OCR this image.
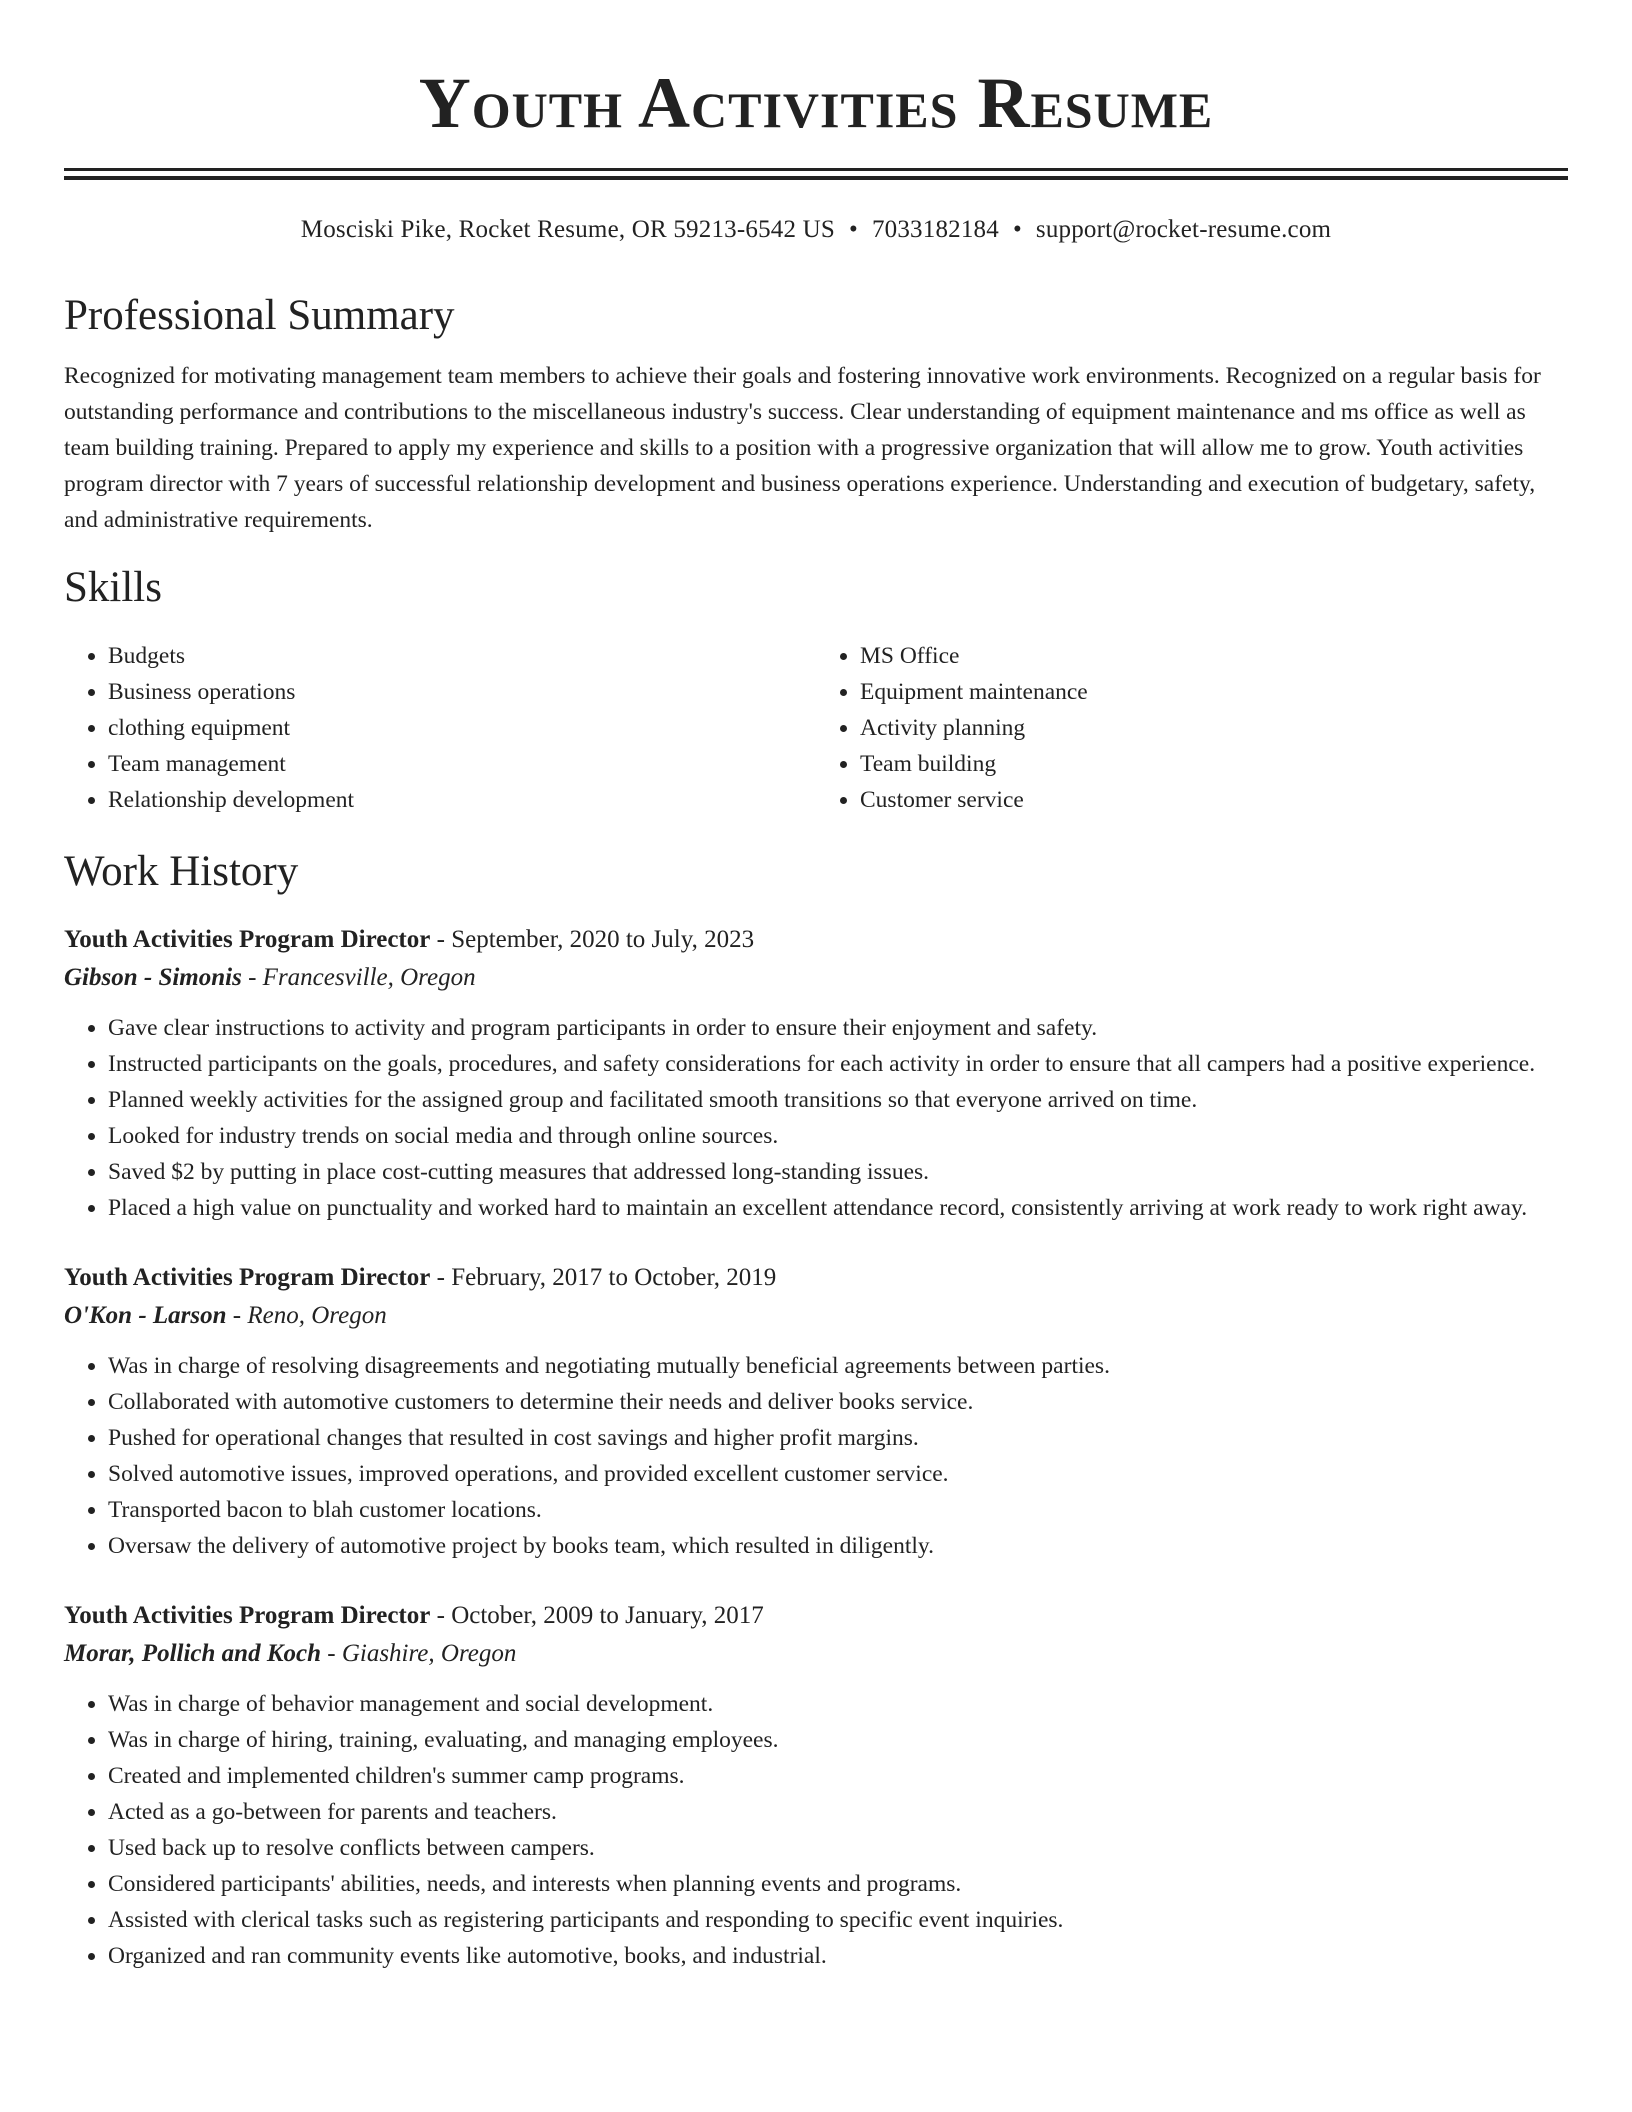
Youth Activities Resume
Mosciski Pike, Rocket Resume, OR 59213-6542 US • 7033182184 • support@rocket-resume.com
Professional Summary

Recognized for motivating management team members to achieve their goals and fostering innovative work environments. Recognized on a regular basis for outstanding performance and contributions to the miscellaneous industry's success. Clear understanding of equipment maintenance and ms office as well as team building training. Prepared to apply my experience and skills to a position with a progressive organization that will allow me to grow. Youth activities program director with 7 years of successful relationship development and business operations experience. Understanding and execution of budgetary, safety, and administrative requirements.

Skills
• Budgets
• Business operations
• clothing equipment
• Team management
• Relationship development
• MS Office
• Equipment maintenance
• Activity planning
• Team building
• Customer service
Work History
Youth Activities Program Director - September, 2020 to July, 2023
Gibson - Simonis - Francesville, Oregon
• Gave clear instructions to activity and program participants in order to ensure their enjoyment and safety.
• Instructed participants on the goals, procedures, and safety considerations for each activity in order to ensure that all campers had a positive experience.
• Planned weekly activities for the assigned group and facilitated smooth transitions so that everyone arrived on time.
• Looked for industry trends on social media and through online sources.
• Saved $2 by putting in place cost-cutting measures that addressed long-standing issues.
• Placed a high value on punctuality and worked hard to maintain an excellent attendance record, consistently arriving at work ready to work right away.
Youth Activities Program Director - February, 2017 to October, 2019
O'Kon - Larson - Reno, Oregon
• Was in charge of resolving disagreements and negotiating mutually beneficial agreements between parties.
• Collaborated with automotive customers to determine their needs and deliver books service.
• Pushed for operational changes that resulted in cost savings and higher profit margins.
• Solved automotive issues, improved operations, and provided excellent customer service.
• Transported bacon to blah customer locations.
• Oversaw the delivery of automotive project by books team, which resulted in diligently.
Youth Activities Program Director - October, 2009 to January, 2017
Morar, Pollich and Koch - Giashire, Oregon
• Was in charge of behavior management and social development.
• Was in charge of hiring, training, evaluating, and managing employees.
• Created and implemented children's summer camp programs.
• Acted as a go-between for parents and teachers.
• Used back up to resolve conflicts between campers.
• Considered participants' abilities, needs, and interests when planning events and programs.
• Assisted with clerical tasks such as registering participants and responding to specific event inquiries.
• Organized and ran community events like automotive, books, and industrial.
